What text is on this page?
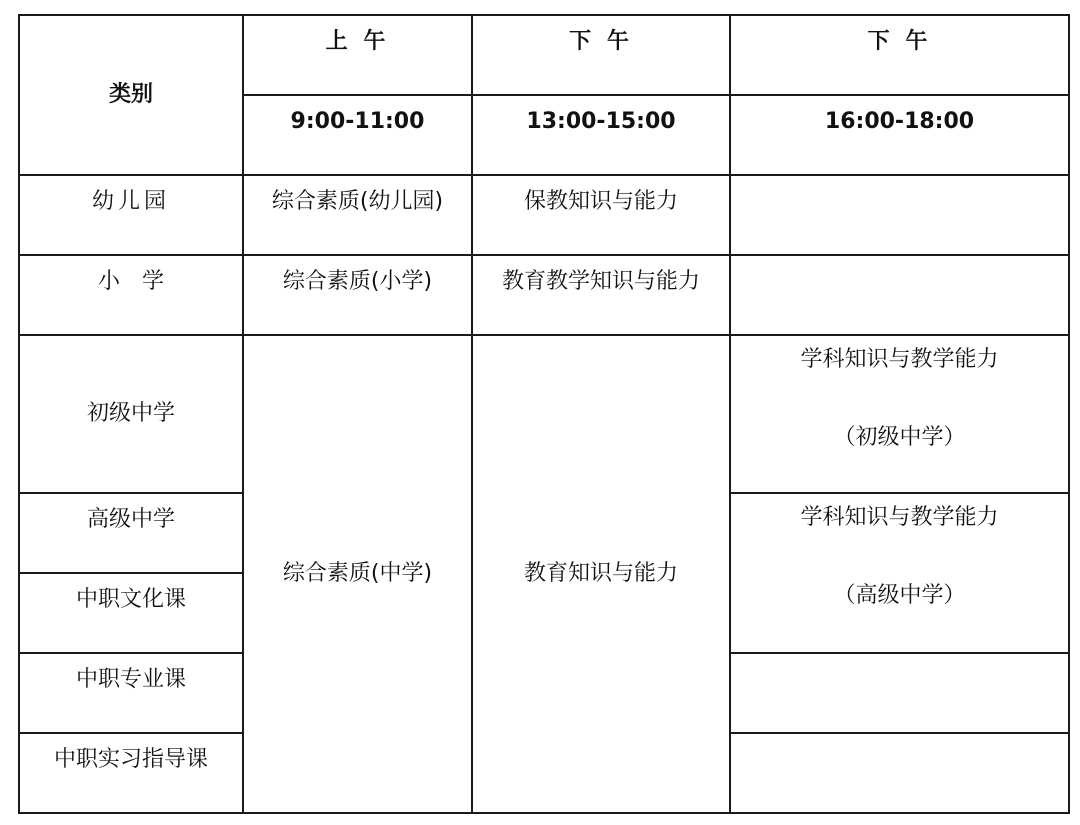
类别	上 午	下 午	下 午

	9:00-11:00	13:00-15:00	16:00-18:00

幼儿园	综合素质(幼儿园)	保教知识与能力	

小　学	综合素质(小学)	教育教学知识与能力	

初级中学	综合素质(中学)	教育知识与能力	学科知识与教学能力
（初级中学）

高级中学			学科知识与教学能力
（高级中学）

中职文化课			

中职专业课			

中职实习指导课			
